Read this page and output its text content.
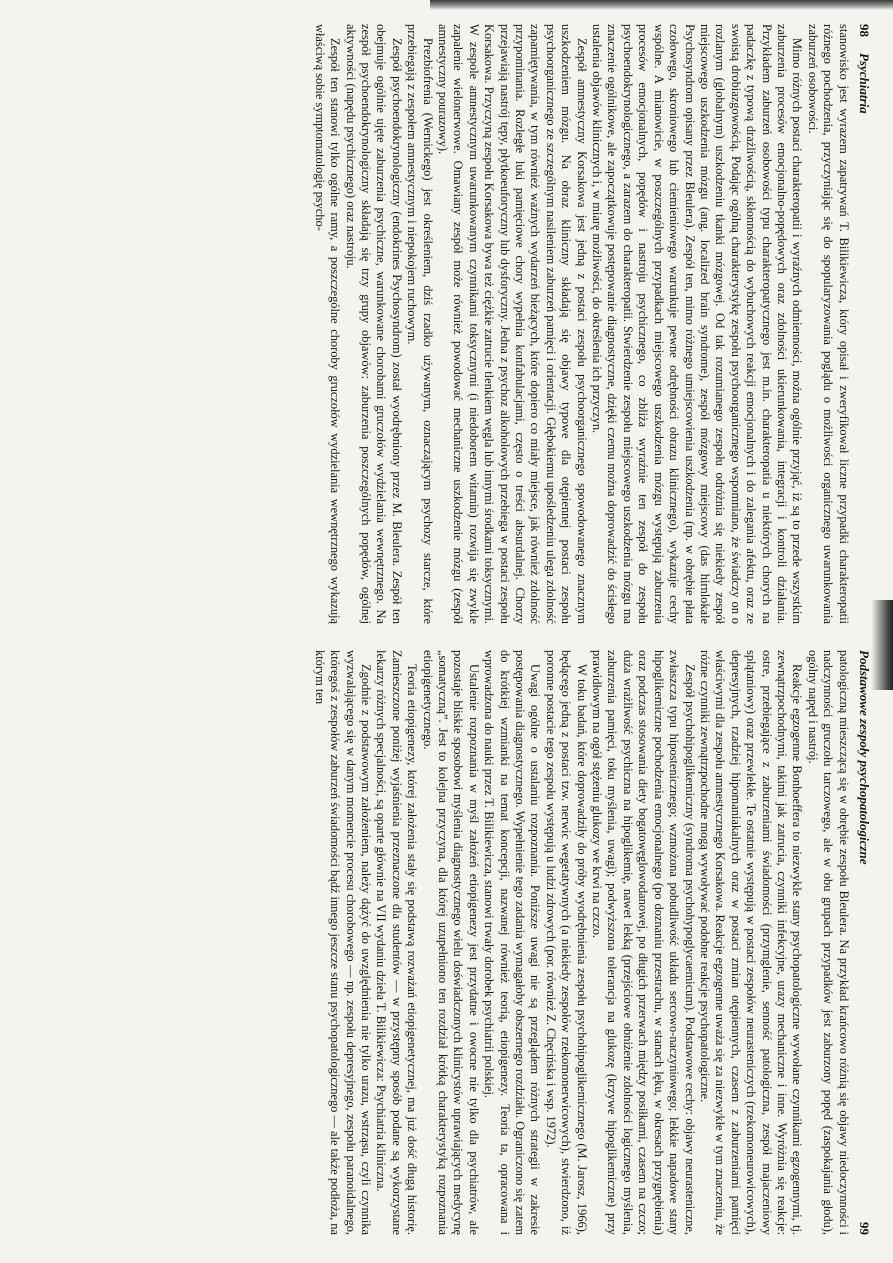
98
Psychiatria

stanowisko jest wyrazem zapatrywań T. Bilikiewicza, który opisał i zweryfikował liczne przypadki charakteropatii różnego pochodzenia, przyczyniając się do spopularyzowania poglądu o możliwości organicznego uwarunkowania zaburzeń osobowości.

Mimo różnych postaci charakteropatii i wyraźnych odmienności, można ogólnie przyjąć, iż są to przede wszystkim zaburzenia procesów emocjonalno-popędowych oraz zdolności ukierunkowania, integracji i kontroli działania. Przykładem zaburzeń osobowości typu charakteropatycznego jest m.in. charakteropatia u niektórych chorych na padaczkę z typową drażliwością, skłonnością do wybuchowych reakcji emocjonalnych i do zalegania afektu, oraz ze swoistą drobiazgowością. Podając ogólną charakterystykę zespołu psychoorganicznego wspomniano, że świadczy on o rozlanym (globalnym) uszkodzeniu tkanki mózgowej. Od tak rozumianego zespołu odróżnia się niekiedy zespół miejscowego uszkodzenia mózgu (ang. localized brain syndrome), zespół mózgowy miejscowy (das hirnlokale Psychosyndrom opisany przez Bleulera). Zespół ten, mimo różnego umiejscowienia uszkodzenia (np. w obrębie płata czołowego, skroniowego lub ciemieniowego warunkuje pewne odrębności obrazu klinicznego), wykazuje cechy wspólne. A mianowicie, w poszczególnych przypadkach miejscowego uszkodzenia mózgu występują zaburzenia procesów emocjonalnych, popędów i nastroju psychicznego, co zbliża wyraźnie ten zespół do zespołu psychoendokrynologicznego, a zarazem do charakteropatii. Stwierdzenie zespołu miejscowego uszkodzenia mózgu ma znaczenie ogólnikowe, ale zapoczątkowuje postępowanie diagnostyczne, dzięki czemu można doprowadzić do ścisłego ustalenia objawów klinicznych i, w miarę możliwości, do określenia ich przyczyn.

Zespół amnestyczny Korsakowa jest jedną z postaci zespołu psychoorganicznego spowodowanego znacznym uszkodzeniem mózgu. Na obraz kliniczny składają się objawy typowe dla otępiennej postaci zespołu psychoorganicznego ze szczególnym nasileniem zaburzeń pamięci i orientacji. Głębokiemu upośledzeniu ulega zdolność zapamiętywania, w tym również ważnych wydarzeń bieżących, które dopiero co miały miejsce, jak również zdolność przypominania. Rozległe luki pamięciowe chory wypełnia konfabulacjami, często o treści absurdalnej. Chorzy przejawiają nastrój tępy, płytkoeuforyczny lub dysforyczny. Jedna z psychoz alkoholowych przebiega w postaci zespołu Korsakowa. Przyczyną zespołu Korsakowa bywa też ciężkie zatrucie tlenkiem węgla lub innymi środkami toksycznymi. W zespole amnestycznym uwarunkowanym czynnikami toksycznymi (i niedoborem witamin) rozwija się zwykle zapalenie wielonerwowe. Omawiany zespół może również powodować mechaniczne uszkodzenie mózgu (zespół amnestyczny pourazowy).

Prezbiofrenia (Wernickego) jest określeniem, dziś rzadko używanym, oznaczającym psychozy starcze, które przebiegają z zespołem amnestycznym i niepokojem ruchowym.

Zespół psychoendokrynologiczny (endokrines Psychosyndrom) został wyodrębniony przez M. Bleulera. Zespół ten obejmuje ogólnie ujęte zaburzenia psychiczne, warunkowane chorobami gruczołów wydzielania wewnętrznego. Na zespół psychoendokrynologiczny składają się trzy grupy objawów: zaburzenia poszczególnych popędów, ogólnej aktywności (napędu psychicznego) oraz nastroju.

Zespół ten stanowi tylko ogólne ramy, a poszczególne choroby gruczołów wydzielania wewnętrznego wykazują właściwą sobie symptomatologię psycho-

Podstawowe zespoły psychopatologiczne
99

patologiczną mieszczącą się w obrębie zespołu Bleulera. Na przykład krańcowo różnią się objawy niedoczynności i nadczynności gruczołu tarczowego, ale w obu grupach przypadków jest zaburzony popęd (zaspokajania głodu), ogólny napęd i nastrój.

Reakcje egzogenne Bonhoeffera to niezwykle stany psychopatologiczne wywołane czynnikami egzogennymi, tj. zewnątrzpochodnymi, takimi jak zatrucia, czynniki infekcyjne, urazy mechaniczne i inne. Wyróżnia się reakcje: ostre, przebiegające z zaburzeniami świadomości (przymglenie, senność patologiczna, zespół majaczeniowy splątaniowy) oraz przewlekłe. Te ostatnie występują w postaci zespołów neurasteniczych (rzekomoneurowicowych), depresyjnych, rzadziej hipomaniakalnych oraz w postaci zmian otępiennych, czasem z zaburzeniami pamięci właściwymi dla zespołu amnestycznego Korsakowa. Reakcje egzogenne uważa się za niezwykłe w tym znaczeniu, że różne czynniki zewnątrzpochodne mogą wywoływać podobne reakcje psychopatologiczne.

Zespół psychohipoglikemiczny (syndroma psychohypoglycaemicum). Podstawowe cechy: objawy neurasteniczne, zwłaszcza typu hipostenicznego; wzmożona pobudliwość układu sercowo-naczyniowego; lekkie napadowe stany hipoglikemiczne pochodzenia emocjonalnego (po doznaniu przestrachu, w stanach lęku, w okresach przygnębienia) oraz podczas stosowania diety bogatowęglowodanowej, po długich przerwach między posiłkami, czasem na czczo; duża wrażliwość psychiczna na hipoglikemię, nawet lekką (przejściowe obniżenie zdolności logicznego myślenia, zaburzenia pamięci, toku myślenia, uwagi); podwyższona tolerancja na glukozę (krzywe hipoglikemiczne) przy prawidłowym na ogół stężeniu glukozy we krwi na czczo.

W toku badań, które doprowadziły do próby wyodrębnienia zespołu psychohipoglikemicznego (M. Jarosz, 1966), będącego jedną z postaci tzw. nerwic wegetatywnych (a niekiedy zespołów rzekomonerwicowych), stwierdzono, iż poronne postacie tego zespołu występują u ludzi zdrowych (por. również Z. Chęcińska i wsp. 1972).

Uwagi ogólne o ustalaniu rozpoznania. Poniższe uwagi nie są przeglądem różnych strategii w zakresie postępowania diagnostycznego. Wypełnienie tego zadania wymagałoby obszernego rozdziału. Ograniczono się zatem do krótkiej wzmianki na temat koncepcji, nazwanej również teorią, etiopigenezy. Teoria ta, opracowana i wprowadzona do nauki przez T. Bilikiewicza, stanowi trwały dorobek psychiatrii polskiej.

Ustalenie rozpoznania w myśl założeń etiopigenezy jest przydatne i owocne nie tylko dla psychiatrów, ale pozostaje bliskie sposobowi myślenia diagnostycznego wielu doświadczonych klinicystów uprawiających medycynę „somatyczną”. Jest to kolejna przyczyna, dla której uzupełniono ten rozdział krótką charakterystyką rozpoznania etiopigenetycznego.

Teoria etiopigenezy, której założenia stały się podstawą rozważań etiopigenetycznej, ma już dość długą historię. Zamieszczone poniżej wyjaśnienia przeznaczone dla studentów — w przystępny sposób podane są wykorzystane lekarzy różnych specjalności, są oparte głównie na VII wydaniu dzieła T. Bilikiewicza: Psychiatria kliniczna.

Zgodnie z podstawowym założeniem, należy dążyć do uwzględnienia nie tylko urazu, wstrząsu, czyli czynnika wyzwalającego się w danym momencie procesu chorobowego — np. zespołu depresyjnego, zespołu paranoidalnego, któregoś z zespołów zaburzeń świadomości bądź innego jeszcze stanu psychopatologicznego — ale także podłoża, na którym ten
